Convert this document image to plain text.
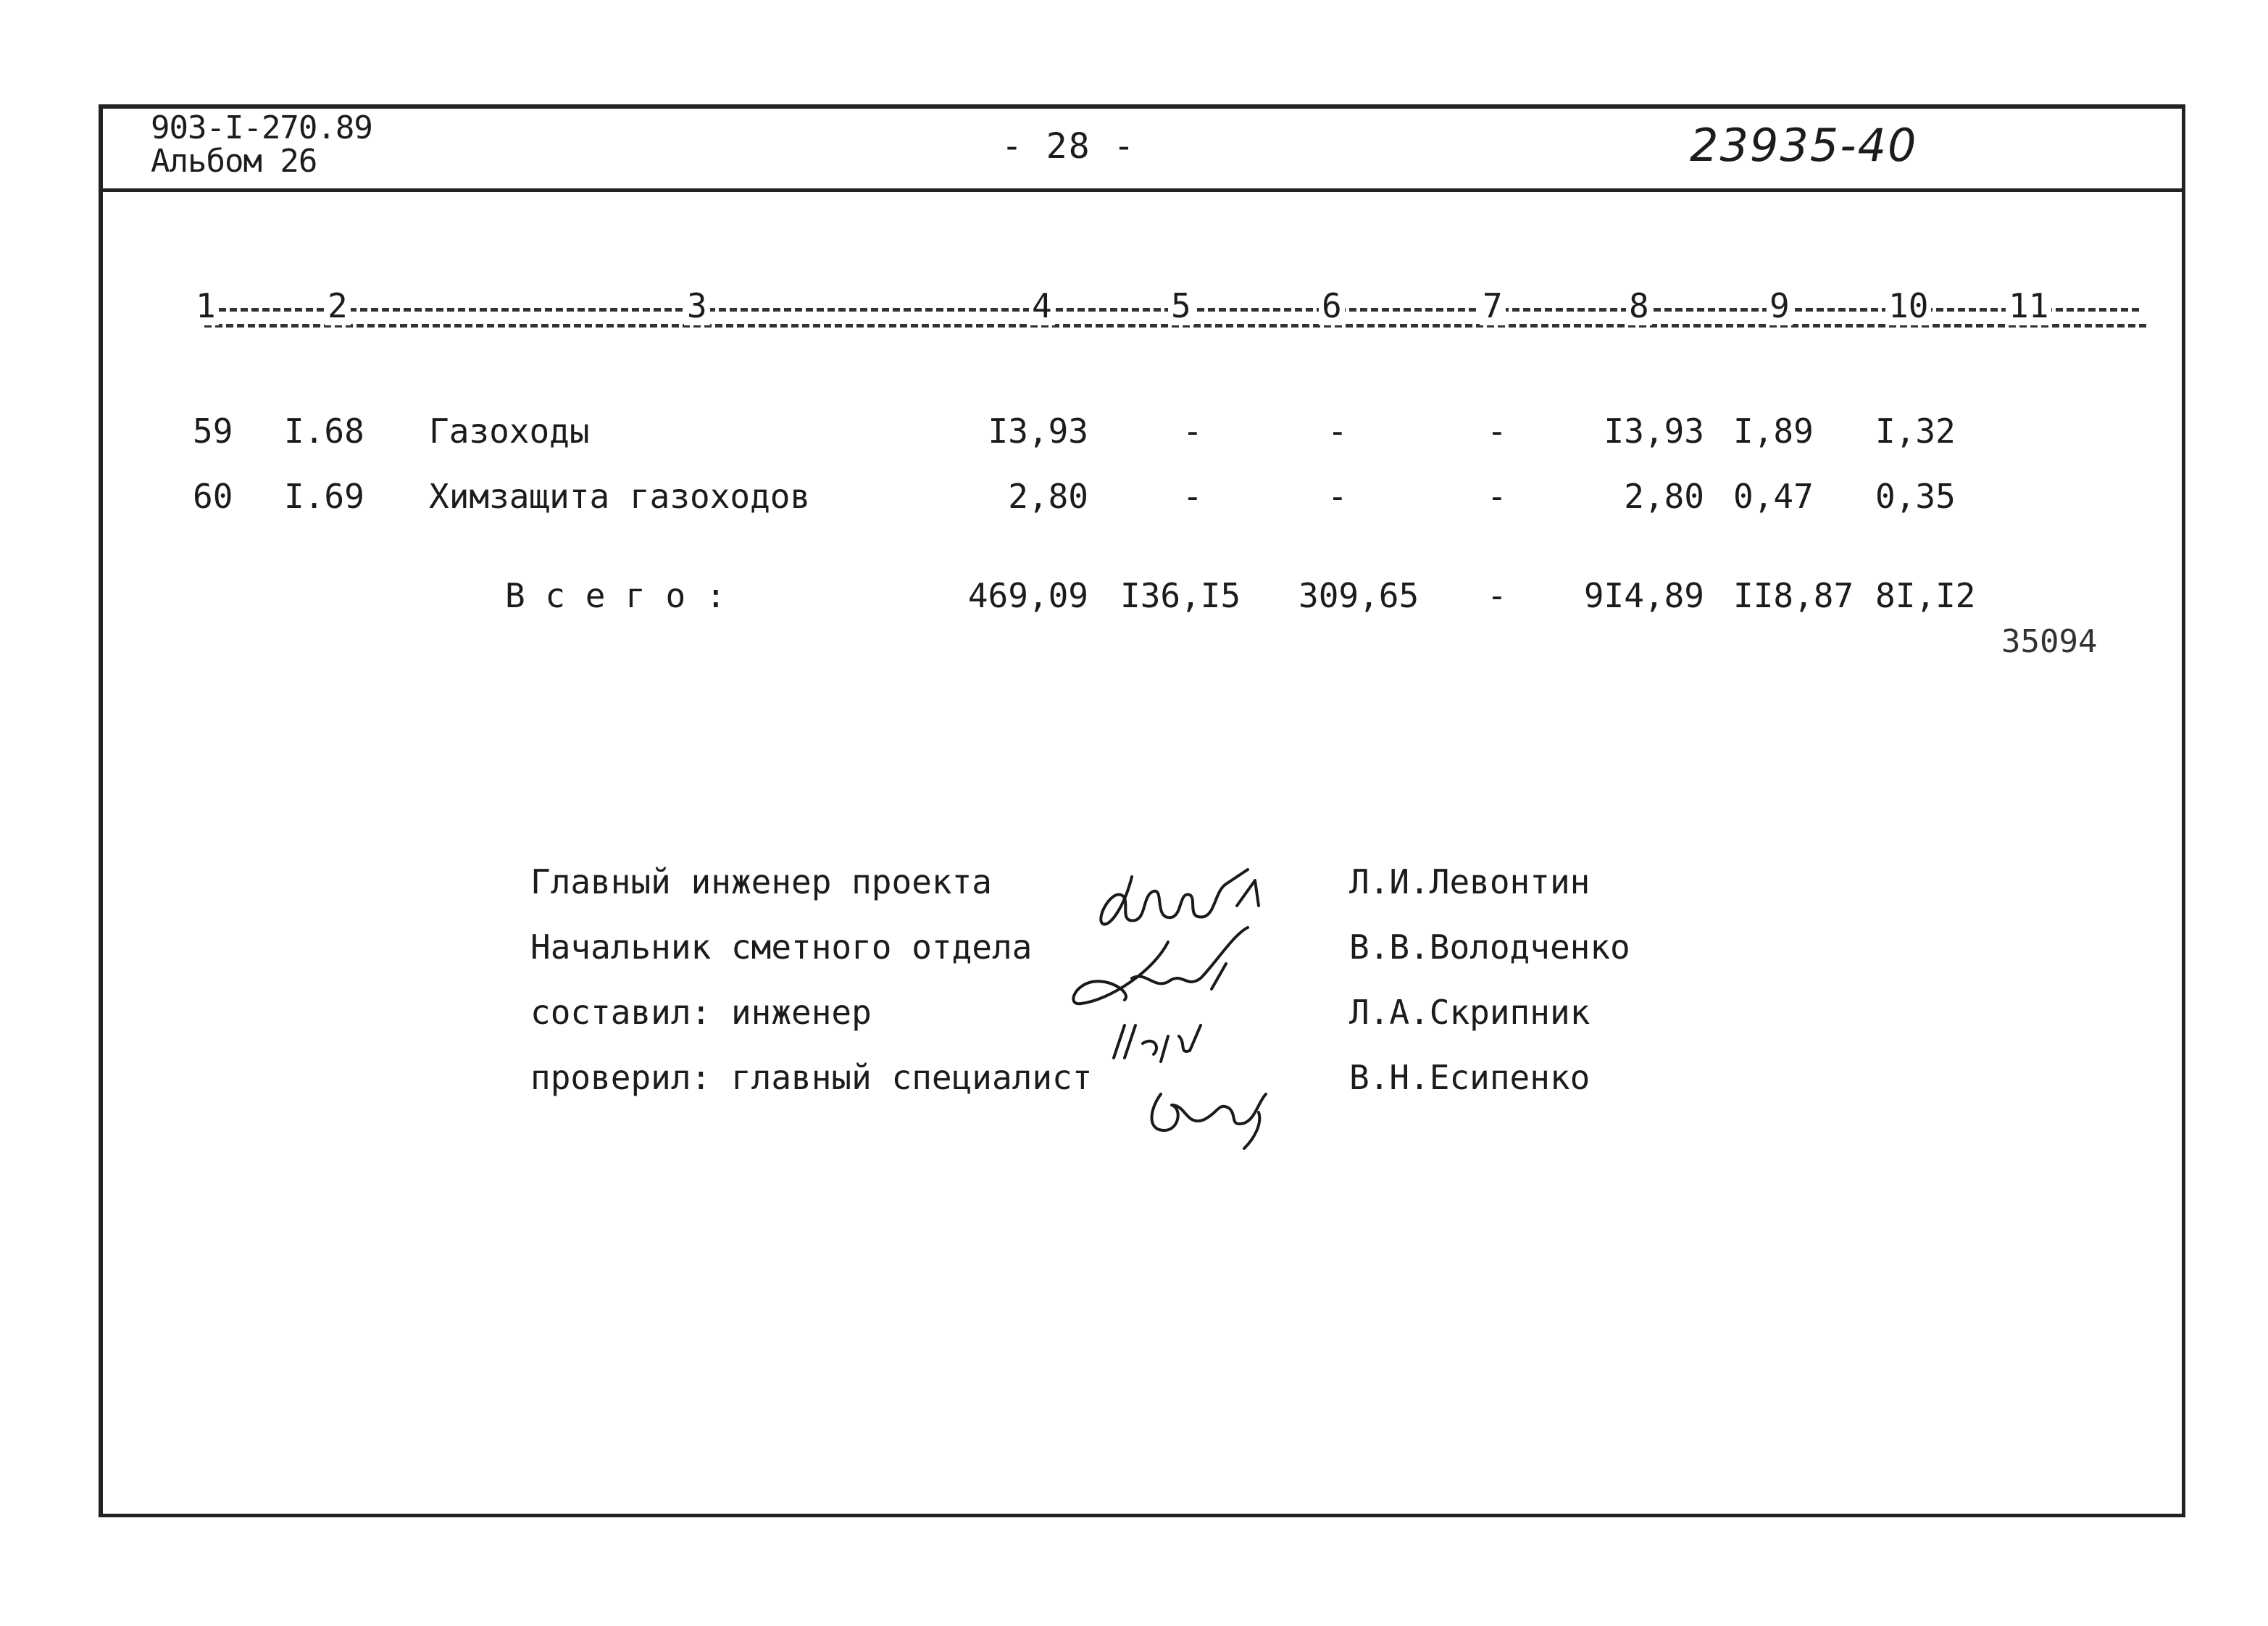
903-I-270.89
Альбом 26	- 28 -	23935-40
1	2	3	4	5	6	7	8	9	10 11
59 I.68 Газоходы	I3,93	-	-	-	I3,93 I,89 I,32
60 I.69 Химзащита газоходов	2,80	-	-	-	2,80 0,47 0,35
В с е г о :	469,09 I36,I5 309,65 -	9I4,89 II8,87 8I,I2
35094
Главный инженер проекта	Л.И.Левонтин
Начальник сметного отдела	В.В.Володченко
составил: инженер	Л.А.Скрипник
проверил: главный специалист	В.Н.Есипенко
